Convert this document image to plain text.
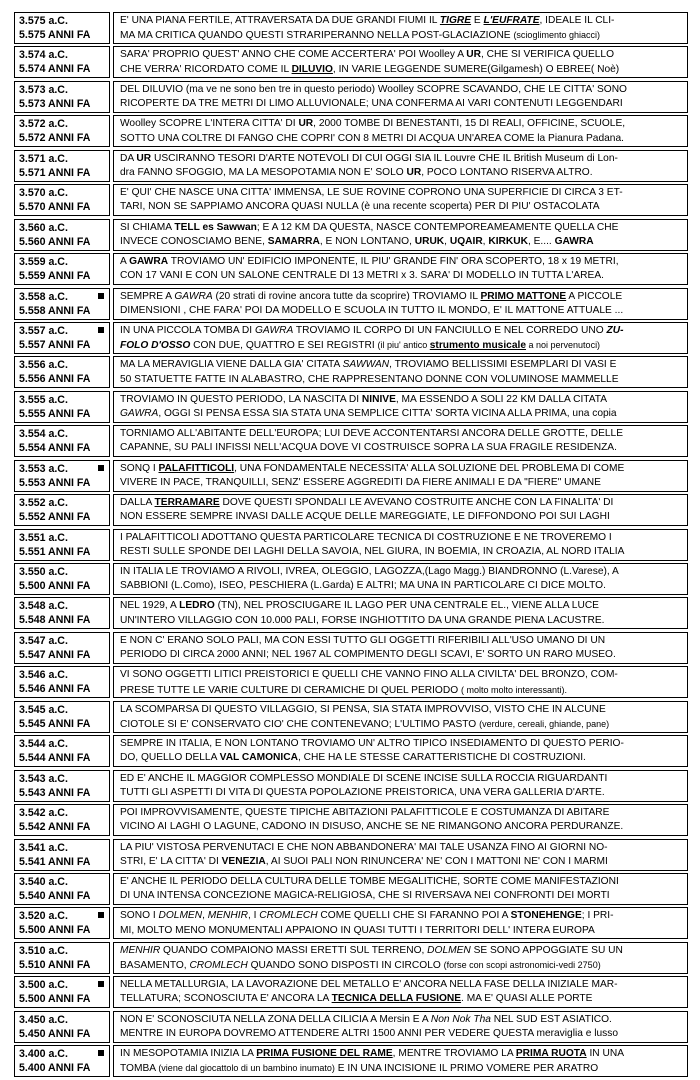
3.575 a.C.
5.575 ANNI FA
E' UNA PIANA FERTILE, ATTRAVERSATA DA DUE GRANDI FIUMI IL TIGRE E L'EUFRATE, IDEALE IL CLI-
MA MA CRITICA QUANDO QUESTI STRARIPERANNO NELLA POST-GLACIAZIONE (scioglimento ghiacci)
3.574 a.C.
5.574 ANNI FA
SARA' PROPRIO QUEST' ANNO CHE COME ACCERTERA' POI Woolley A UR, CHE SI VERIFICA QUELLO
CHE VERRA' RICORDATO COME IL DILUVIO, IN VARIE LEGGENDE SUMERE(Gilgamesh) O EBREE( Noè)
3.573 a.C.
5.573 ANNI FA
DEL DILUVIO (ma ve ne sono ben tre in questo periodo) Woolley SCOPRE SCAVANDO, CHE LE CITTA' SONO
RICOPERTE DA TRE METRI DI LIMO ALLUVIONALE; UNA CONFERMA AI VARI CONTENUTI LEGGENDARI
3.572 a.C.
5.572 ANNI FA
Woolley SCOPRE L'INTERA CITTA' DI UR, 2000 TOMBE DI BENESTANTI, 15 DI REALI, OFFICINE, SCUOLE,
SOTTO UNA COLTRE DI FANGO CHE COPRI' CON 8 METRI DI ACQUA UN'AREA COME la Pianura Padana.
3.571 a.C.
5.571 ANNI FA
DA UR USCIRANNO TESORI D'ARTE NOTEVOLI DI CUI OGGI SIA IL Louvre CHE IL British Museum di Lon-
dra FANNO SFOGGIO, MA LA MESOPOTAMIA NON E' SOLO UR, POCO LONTANO RISERVA ALTRO.
3.570 a.C.
5.570 ANNI FA
E' QUI' CHE NASCE UNA CITTA' IMMENSA, LE SUE ROVINE COPRONO UNA SUPERFICIE DI CIRCA 3 ET-
TARI, NON SE SAPPIAMO ANCORA QUASI NULLA (è una recente scoperta) PER DI PIU' OSTACOLATA
3.560 a.C.
5.560 ANNI FA
SI CHIAMA TELL es Sawwan; E A 12 KM DA QUESTA, NASCE CONTEMPOREAMEAMENTE QUELLA CHE
INVECE CONOSCIAMO BENE, SAMARRA, E NON LONTANO, URUK, UQAIR, KIRKUK, E.... GAWRA
3.559 a.C.
5.559 ANNI FA
A GAWRA TROVIAMO UN' EDIFICIO IMPONENTE, IL PIU' GRANDE FIN' ORA SCOPERTO, 18 x 19 METRI,
CON 17 VANI E CON UN SALONE CENTRALE DI 13 METRI x 3. SARA' DI MODELLO IN TUTTA L'AREA.
3.558 a.C.
5.558 ANNI FA
SEMPRE A GAWRA (20 strati di rovine ancora tutte da scoprire) TROVIAMO IL PRIMO MATTONE A PICCOLE
DIMENSIONI , CHE FARA' POI DA MODELLO E SCUOLA IN TUTTO IL MONDO, E' IL MATTONE ATTUALE ...
3.557 a.C.
5.557 ANNI FA
IN UNA PICCOLA TOMBA DI GAWRA TROVIAMO IL CORPO DI UN FANCIULLO E NEL CORREDO UNO ZU-
FOLO D'OSSO CON DUE, QUATTRO E SEI REGISTRI (il piu' antico strumento musicale a noi pervenutoci)
3.556 a.C.
5.556 ANNI FA
MA LA MERAVIGLIA VIENE DALLA GIA' CITATA SAWWAN, TROVIAMO BELLISSIMI ESEMPLARI DI VASI E
50 STATUETTE FATTE IN ALABASTRO, CHE RAPPRESENTANO DONNE CON VOLUMINOSE MAMMELLE
3.555 a.C.
5.555 ANNI FA
TROVIAMO IN QUESTO PERIODO, LA NASCITA DI NINIVE, MA ESSENDO A SOLI 22 KM DALLA CITATA
GAWRA, OGGI SI PENSA ESSA SIA STATA UNA SEMPLICE CITTA' SORTA VICINA ALLA PRIMA, una copia
3.554 a.C.
5.554 ANNI FA
TORNIAMO ALL'ABITANTE DELL'EUROPA; LUI DEVE ACCONTENTARSI ANCORA DELLE GROTTE, DELLE
CAPANNE, SU PALI INFISSI NELL'ACQUA DOVE VI COSTRUISCE SOPRA LA SUA FRAGILE RESIDENZA.
3.553 a.C.
5.553 ANNI FA
SONQ I PALAFITTICOLI, UNA FONDAMENTALE NECESSITA' ALLA SOLUZIONE DEL PROBLEMA DI COME
VIVERE IN PACE, TRANQUILLI, SENZ' ESSERE AGGREDITI DA FIERE ANIMALI E DA "FIERE" UMANE
3.552 a.C.
5.552 ANNI FA
DALLA TERRAMARE DOVE QUESTI SPONDALI LE AVEVANO COSTRUITE ANCHE CON LA FINALITA' DI
NON ESSERE SEMPRE INVASI DALLE ACQUE DELLE MAREGGIATE, LE DIFFONDONO POI SUI LAGHI
3.551 a.C.
5.551 ANNI FA
I PALAFITTICOLI ADOTTANO QUESTA PARTICOLARE TECNICA DI COSTRUZIONE E NE TROVEREMO I
RESTI SULLE SPONDE DEI LAGHI DELLA SAVOIA, NEL GIURA, IN BOEMIA, IN CROAZIA, AL NORD ITALIA
3.550 a.C.
5.500 ANNI FA
IN ITALIA LE TROVIAMO A RIVOLI, IVREA, OLEGGIO, LAGOZZA,(Lago Magg.) BIANDRONNO (L.Varese), A
SABBIONI (L.Como), ISEO, PESCHIERA (L.Garda) E ALTRI; MA UNA IN PARTICOLARE CI DICE MOLTO.
3.548 a.C.
5.548 ANNI FA
NEL 1929, A LEDRO (TN), NEL PROSCIUGARE IL LAGO PER UNA CENTRALE EL., VIENE ALLA LUCE
UN'INTERO VILLAGGIO CON 10.000 PALI, FORSE INGHIOTTITO DA UNA GRANDE PIENA LACUSTRE.
3.547 a.C.
5.547 ANNI FA
E NON C' ERANO SOLO PALI, MA CON ESSI TUTTO GLI OGGETTI RIFERIBILI ALL'USO UMANO DI UN
PERIODO DI CIRCA 2000 ANNI; NEL 1967 AL COMPIMENTO DEGLI SCAVI, E' SORTO UN RARO MUSEO.
3.546 a.C.
5.546 ANNI FA
VI SONO OGGETTI LITICI PREISTORICI E QUELLI CHE VANNO FINO ALLA CIVILTA' DEL BRONZO, COM-
PRESE TUTTE LE VARIE CULTURE DI CERAMICHE DI QUEL PERIODO ( molto molto interessanti).
3.545 a.C.
5.545 ANNI FA
LA SCOMPARSA DI QUESTO VILLAGGIO, SI PENSA, SIA STATA IMPROVVISO, VISTO CHE IN ALCUNE
CIOTOLE SI E' CONSERVATO CIO' CHE CONTENEVANO; L'ULTIMO PASTO (verdure, cereali, ghiande, pane)
3.544 a.C.
5.544 ANNI FA
SEMPRE IN ITALIA, E NON LONTANO TROVIAMO UN' ALTRO TIPICO INSEDIAMENTO DI QUESTO PERIO-
DO, QUELLO DELLA VAL CAMONICA, CHE HA LE STESSE CARATTERISTICHE DI COSTRUZIONI.
3.543 a.C.
5.543 ANNI FA
ED E' ANCHE IL MAGGIOR COMPLESSO MONDIALE DI SCENE INCISE SULLA ROCCIA RIGUARDANTI
TUTTI GLI ASPETTI DI VITA DI QUESTA POPOLAZIONE PREISTORICA, UNA VERA GALLERIA D'ARTE.
3.542 a.C.
5.542 ANNI FA
POI IMPROVVISAMENTE, QUESTE TIPICHE ABITAZIONI PALAFITTICOLE E COSTUMANZA DI ABITARE
VICINO AI LAGHI O LAGUNE, CADONO IN DISUSO, ANCHE SE NE RIMANGONO ANCORA PERDURANZE.
3.541 a.C.
5.541 ANNI FA
LA PIU' VISTOSA PERVENUTACI E CHE NON ABBANDONERA' MAI TALE USANZA FINO AI GIORNI NO-
STRI, E' LA CITTA' DI VENEZIA, AI SUOI PALI NON RINUNCERA' NE' CON I MATTONI NE' CON I MARMI
3.540 a.C.
5.540 ANNI FA
E' ANCHE IL PERIODO DELLA CULTURA DELLE TOMBE MEGALITICHE, SORTE COME MANIFESTAZIONI
DI UNA INTENSA CONCEZIONE MAGICA-RELIGIOSA, CHE SI RIVERSAVA NEI CONFRONTI DEI MORTI
3.520 a.C.
5.500 ANNI FA
SONO I DOLMEN, MENHIR, I CROMLECH COME QUELLI CHE SI FARANNO POI A STONEHENGE; I PRI-
MI, MOLTO MENO MONUMENTALI APPAIONO IN QUASI TUTTI I TERRITORI DELL' INTERA EUROPA
3.510 a.C.
5.510 ANNI FA
MENHIR QUANDO COMPAIONO MASSI ERETTI SUL TERRENO, DOLMEN SE SONO APPOGGIATE SU UN
BASAMENTO, CROMLECH QUANDO SONO DISPOSTI IN CIRCOLO (forse con scopi astronomici-vedi 2750)
3.500 a.C.
5.500 ANNI FA
NELLA METALLURGIA, LA LAVORAZIONE DEL METALLO E' ANCORA NELLA FASE DELLA INIZIALE MAR-
TELLATURA; SCONOSCIUTA E' ANCORA LA TECNICA DELLA FUSIONE. MA E' QUASI ALLE PORTE
3.450 a.C.
5.450 ANNI FA
NON E' SCONOSCIUTA NELLA ZONA DELLA CILICIA A Mersin E A Non Nok Tha NEL SUD EST ASIATICO.
MENTRE IN EUROPA DOVREMO ATTENDERE ALTRI 1500 ANNI PER VEDERE QUESTA meraviglia e lusso
3.400 a.C.
5.400 ANNI FA
IN MESOPOTAMIA INIZIA LA PRIMA FUSIONE DEL RAME, MENTRE TROVIAMO LA PRIMA RUOTA IN UNA
TOMBA (viene dal giocattolo di un bambino inumato) E IN UNA INCISIONE IL PRIMO VOMERE PER ARATRO
